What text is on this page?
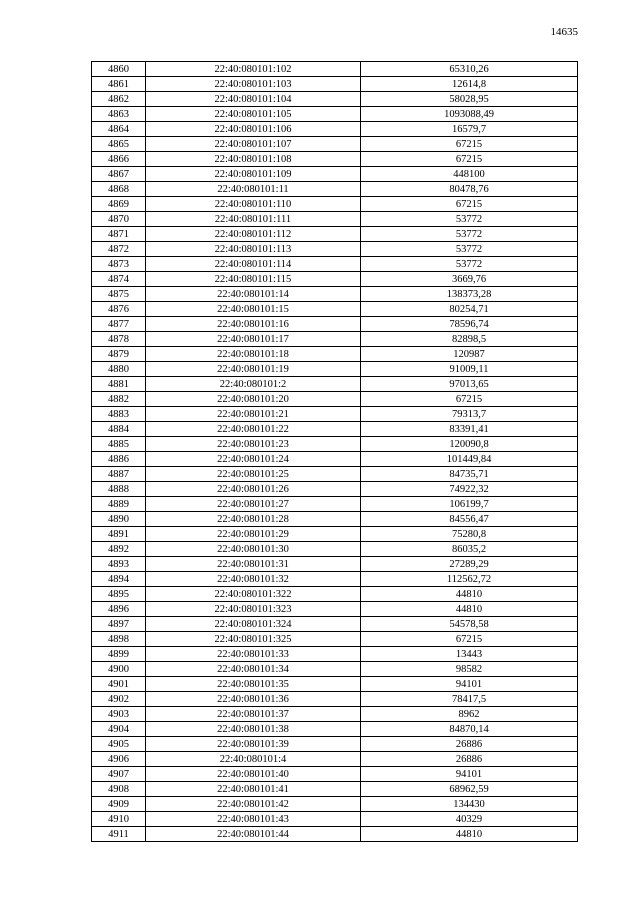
14635
4860	22:40:080101:102	65310,26
4861	22:40:080101:103	12614,8
4862	22:40:080101:104	58028,95
4863	22:40:080101:105	1093088,49
4864	22:40:080101:106	16579,7
4865	22:40:080101:107	67215
4866	22:40:080101:108	67215
4867	22:40:080101:109	448100
4868	22:40:080101:11	80478,76
4869	22:40:080101:110	67215
4870	22:40:080101:111	53772
4871	22:40:080101:112	53772
4872	22:40:080101:113	53772
4873	22:40:080101:114	53772
4874	22:40:080101:115	3669,76
4875	22:40:080101:14	138373,28
4876	22:40:080101:15	80254,71
4877	22:40:080101:16	78596,74
4878	22:40:080101:17	82898,5
4879	22:40:080101:18	120987
4880	22:40:080101:19	91009,11
4881	22:40:080101:2	97013,65
4882	22:40:080101:20	67215
4883	22:40:080101:21	79313,7
4884	22:40:080101:22	83391,41
4885	22:40:080101:23	120090,8
4886	22:40:080101:24	101449,84
4887	22:40:080101:25	84735,71
4888	22:40:080101:26	74922,32
4889	22:40:080101:27	106199,7
4890	22:40:080101:28	84556,47
4891	22:40:080101:29	75280,8
4892	22:40:080101:30	86035,2
4893	22:40:080101:31	27289,29
4894	22:40:080101:32	112562,72
4895	22:40:080101:322	44810
4896	22:40:080101:323	44810
4897	22:40:080101:324	54578,58
4898	22:40:080101:325	67215
4899	22:40:080101:33	13443
4900	22:40:080101:34	98582
4901	22:40:080101:35	94101
4902	22:40:080101:36	78417,5
4903	22:40:080101:37	8962
4904	22:40:080101:38	84870,14
4905	22:40:080101:39	26886
4906	22:40:080101:4	26886
4907	22:40:080101:40	94101
4908	22:40:080101:41	68962,59
4909	22:40:080101:42	134430
4910	22:40:080101:43	40329
4911	22:40:080101:44	44810
